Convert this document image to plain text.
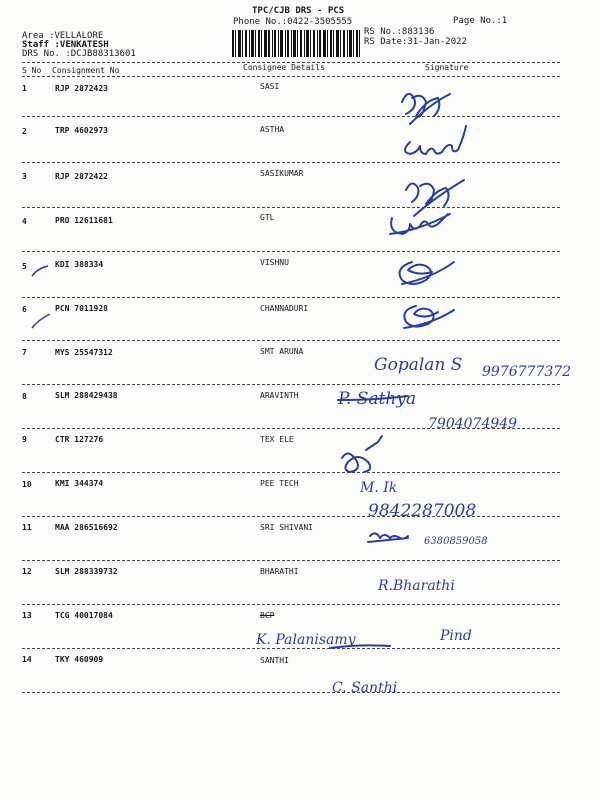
TPC/CJB DRS - PCS
Phone No.:0422-3505555	Page No.:1
RS No.:883136
RS Date:31-Jan-2022
Area :VELLALORE
Staff :VENKATESH
DRS No. :DCJB88313601
S No Consignment No	Consignee Details	Signature
1	RJP 2872423	SASI
2	TRP 4602973	ASTHA
3	RJP 2872422	SASIKUMAR
4	PRO 12611681	GTL
5	KDI 388334	VISHNU
6	PCN 7011928	CHANNADURI
7	MYS 25547312	SMT ARUNA
8	SLM 288429438	ARAVINTH
9	CTR 127276	TEX ELE
10	KMI 344374	PEE TECH
11	MAA 286516692	SRI SHIVANI
12	SLM 288339732	BHARATHI
13	TCG 40017084	BCP
14	TKY 460909	SANTHI
Gopalan S 9976777372
P. Sathya
7904074949
M. Ik
9842287008
6380859058
R.Bharathi
K. Palanisamy	Pind
C. Santhi
